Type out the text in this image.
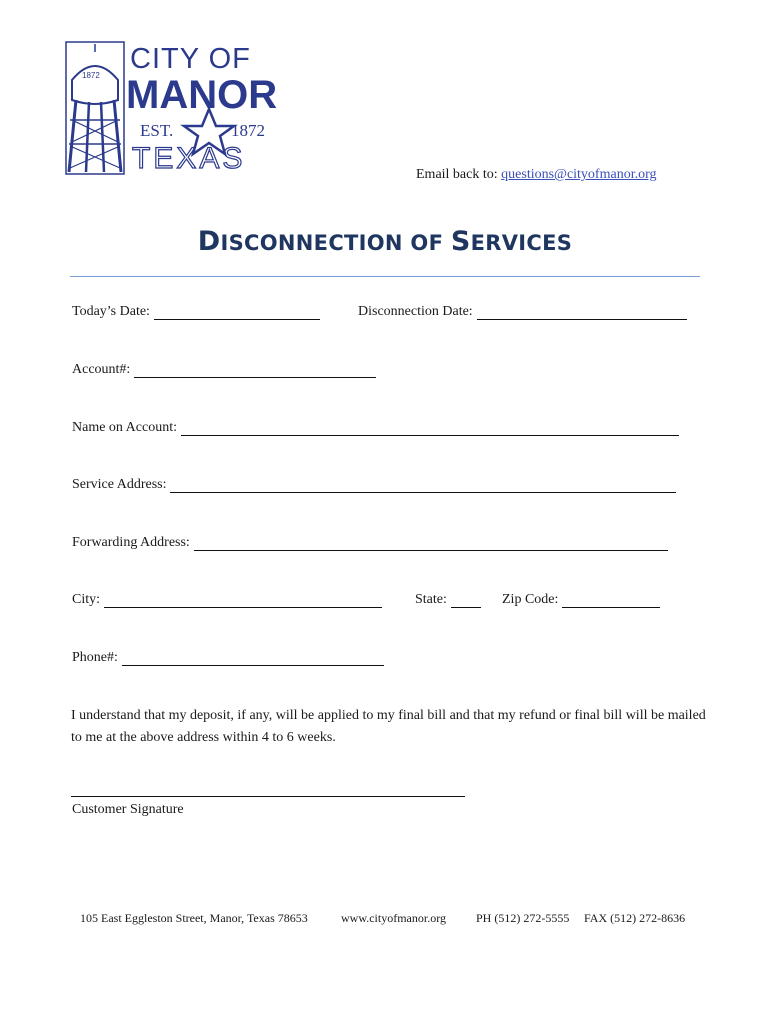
1872
CITY OF
MANOR
EST.	1872
TEXAS	Email back to: questions@cityofmanor.org
DISCONNECTION OF SERVICES
Today’s Date:	Disconnection Date:
Account#:
Name on Account:
Service Address:
Forwarding Address:
City:	State:	Zip Code:
Phone#:
I understand that my deposit, if any, will be applied to my final bill and that my refund or final bill will be mailed to me at the above address within 4 to 6 weeks.
Customer Signature
105 East Eggleston Street, Manor, Texas 78653	www.cityofmanor.org	PH (512) 272-5555 FAX (512) 272-8636
